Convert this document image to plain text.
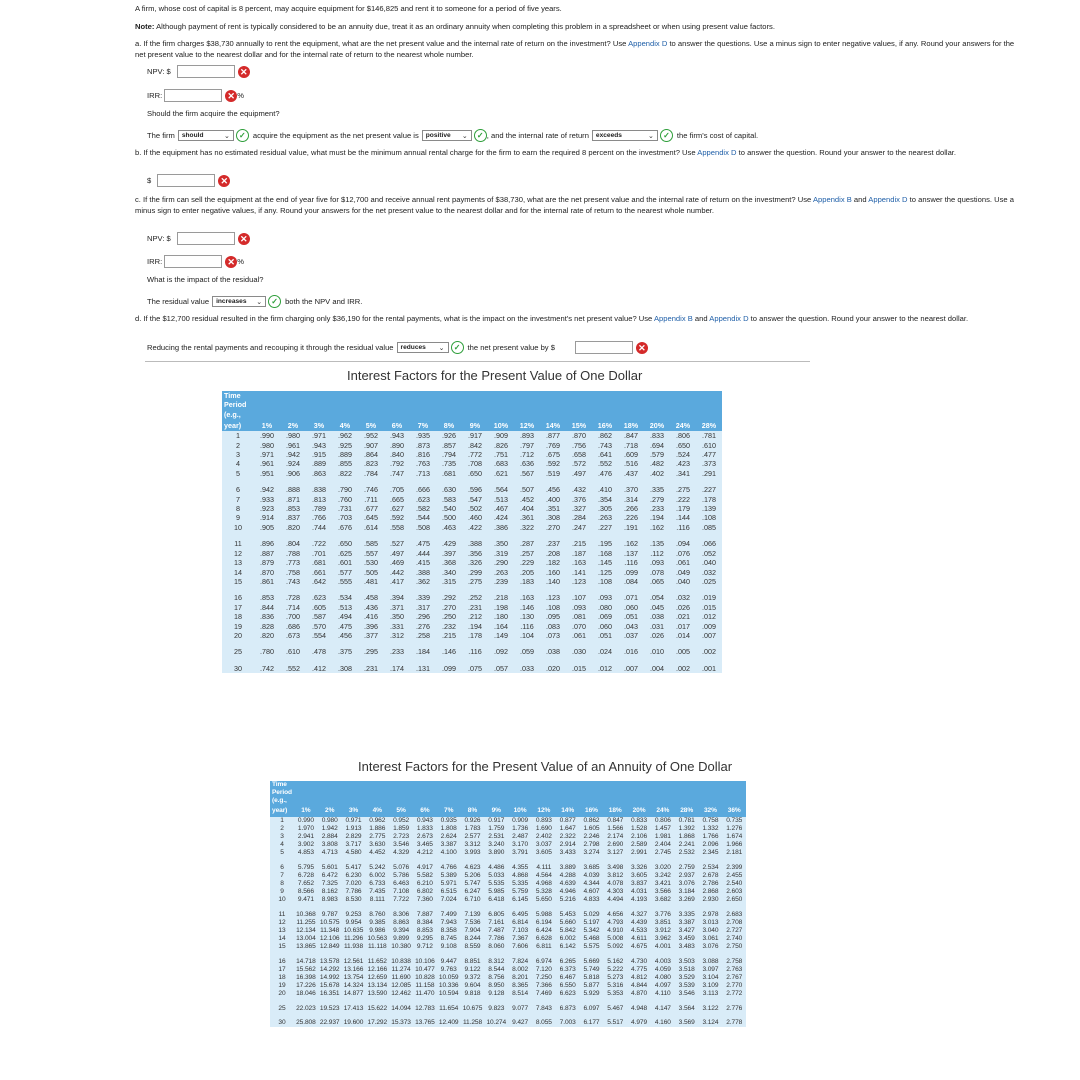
A firm, whose cost of capital is 8 percent, may acquire equipment for $146,825 and rent it to someone for a period of five years.
Note: Although payment of rent is typically considered to be an annuity due, treat it as an ordinary annuity when completing this problem in a spreadsheet or when using present value factors.
a. If the firm charges $38,730 annually to rent the equipment, what are the net present value and the internal rate of return on the investment? Use Appendix D to answer the questions. Use a minus sign to enter negative values, if any. Round your answers for the net present value to the nearest dollar and for the internal rate of return to the nearest whole number.
NPV: $	✕
IRR:	✕ %
Should the firm acquire the equipment?
The firm should	⌄	✓ acquire the equipment as the net present value is positive ⌄	✓ , and the internal rate of return exceeds	⌄	✓ the firm's cost of capital.
b. If the equipment has no estimated residual value, what must be the minimum annual rental charge for the firm to earn the required 8 percent on the investment? Use Appendix D to answer the question. Round your answer to the nearest dollar.
$	✕
c. If the firm can sell the equipment at the end of year five for $12,700 and receive annual rent payments of $38,730, what are the net present value and the internal rate of return on the investment? Use Appendix B and Appendix D to answer the questions. Use a minus sign to enter negative values, if any. Round your answers for the net present value to the nearest dollar and for the internal rate of return to the nearest whole number.
NPV: $	✕
IRR:	✕ %
What is the impact of the residual?
The residual value increases ⌄	✓ both the NPV and IRR.
d. If the $12,700 residual resulted in the firm charging only $36,190 for the rental payments, what is the impact on the investment's net present value? Use Appendix B and Appendix D to answer the question. Round your answer to the nearest dollar.
Reducing the rental payments and recouping it through the residual value reduces ⌄	✓ the net present value by $	✕
Interest Factors for the Present Value of One Dollar
Time																		
Period																		
(e.g.,																		
year)	1%	2%	3%	4%	5%	6%	7%	8%	9%	10%	12%	14%	15%	16%	18%	20%	24%	28%
1	.990	.980	.971	.962	.952	.943	.935	.926	.917	.909	.893	.877	.870	.862	.847	.833	.806	.781
2	.980	.961	.943	.925	.907	.890	.873	.857	.842	.826	.797	.769	.756	.743	.718	.694	.650	.610
3	.971	.942	.915	.889	.864	.840	.816	.794	.772	.751	.712	.675	.658	.641	.609	.579	.524	.477
4	.961	.924	.889	.855	.823	.792	.763	.735	.708	.683	.636	.592	.572	.552	.516	.482	.423	.373
5	.951	.906	.863	.822	.784	.747	.713	.681	.650	.621	.567	.519	.497	.476	.437	.402	.341	.291

6	.942	.888	.838	.790	.746	.705	.666	.630	.596	.564	.507	.456	.432	.410	.370	.335	.275	.227
7	.933	.871	.813	.760	.711	.665	.623	.583	.547	.513	.452	.400	.376	.354	.314	.279	.222	.178
8	.923	.853	.789	.731	.677	.627	.582	.540	.502	.467	.404	.351	.327	.305	.266	.233	.179	.139
9	.914	.837	.766	.703	.645	.592	.544	.500	.460	.424	.361	.308	.284	.263	.226	.194	.144	.108
10	.905	.820	.744	.676	.614	.558	.508	.463	.422	.386	.322	.270	.247	.227	.191	.162	.116	.085

11	.896	.804	.722	.650	.585	.527	.475	.429	.388	.350	.287	.237	.215	.195	.162	.135	.094	.066
12	.887	.788	.701	.625	.557	.497	.444	.397	.356	.319	.257	.208	.187	.168	.137	.112	.076	.052
13	.879	.773	.681	.601	.530	.469	.415	.368	.326	.290	.229	.182	.163	.145	.116	.093	.061	.040
14	.870	.758	.661	.577	.505	.442	.388	.340	.299	.263	.205	.160	.141	.125	.099	.078	.049	.032
15	.861	.743	.642	.555	.481	.417	.362	.315	.275	.239	.183	.140	.123	.108	.084	.065	.040	.025

16	.853	.728	.623	.534	.458	.394	.339	.292	.252	.218	.163	.123	.107	.093	.071	.054	.032	.019
17	.844	.714	.605	.513	.436	.371	.317	.270	.231	.198	.146	.108	.093	.080	.060	.045	.026	.015
18	.836	.700	.587	.494	.416	.350	.296	.250	.212	.180	.130	.095	.081	.069	.051	.038	.021	.012
19	.828	.686	.570	.475	.396	.331	.276	.232	.194	.164	.116	.083	.070	.060	.043	.031	.017	.009
20	.820	.673	.554	.456	.377	.312	.258	.215	.178	.149	.104	.073	.061	.051	.037	.026	.014	.007

25	.780	.610	.478	.375	.295	.233	.184	.146	.116	.092	.059	.038	.030	.024	.016	.010	.005	.002

30	.742	.552	.412	.308	.231	.174	.131	.099	.075	.057	.033	.020	.015	.012	.007	.004	.002	.001
Interest Factors for the Present Value of an Annuity of One Dollar
Time																			
Period																			
(e.g.,																			
year)	1%	2%	3%	4%	5%	6%	7%	8%	9%	10%	12%	14%	16%	18%	20%	24%	28%	32%	36%
1	0.990	0.980	0.971	0.962	0.952	0.943	0.935	0.926	0.917	0.909	0.893	0.877	0.862	0.847	0.833	0.806	0.781	0.758	0.735
2	1.970	1.942	1.913	1.886	1.859	1.833	1.808	1.783	1.759	1.736	1.690	1.647	1.605	1.566	1.528	1.457	1.392	1.332	1.276
3	2.941	2.884	2.829	2.775	2.723	2.673	2.624	2.577	2.531	2.487	2.402	2.322	2.246	2.174	2.106	1.981	1.868	1.766	1.674
4	3.902	3.808	3.717	3.630	3.546	3.465	3.387	3.312	3.240	3.170	3.037	2.914	2.798	2.690	2.589	2.404	2.241	2.096	1.966
5	4.853	4.713	4.580	4.452	4.329	4.212	4.100	3.993	3.890	3.791	3.605	3.433	3.274	3.127	2.991	2.745	2.532	2.345	2.181

6	5.795	5.601	5.417	5.242	5.076	4.917	4.766	4.623	4.486	4.355	4.111	3.889	3.685	3.498	3.326	3.020	2.759	2.534	2.399
7	6.728	6.472	6.230	6.002	5.786	5.582	5.389	5.206	5.033	4.868	4.564	4.288	4.039	3.812	3.605	3.242	2.937	2.678	2.455
8	7.652	7.325	7.020	6.733	6.463	6.210	5.971	5.747	5.535	5.335	4.968	4.639	4.344	4.078	3.837	3.421	3.076	2.786	2.540
9	8.566	8.162	7.786	7.435	7.108	6.802	6.515	6.247	5.985	5.759	5.328	4.946	4.607	4.303	4.031	3.566	3.184	2.868	2.603
10	9.471	8.983	8.530	8.111	7.722	7.360	7.024	6.710	6.418	6.145	5.650	5.216	4.833	4.494	4.193	3.682	3.269	2.930	2.650

11	10.368	9.787	9.253	8.760	8.306	7.887	7.499	7.139	6.805	6.495	5.988	5.453	5.029	4.656	4.327	3.776	3.335	2.978	2.683
12	11.255	10.575	9.954	9.385	8.863	8.384	7.943	7.536	7.161	6.814	6.194	5.660	5.197	4.793	4.439	3.851	3.387	3.013	2.708
13	12.134	11.348	10.635	9.986	9.394	8.853	8.358	7.904	7.487	7.103	6.424	5.842	5.342	4.910	4.533	3.912	3.427	3.040	2.727
14	13.004	12.106	11.296	10.563	9.899	9.295	8.745	8.244	7.786	7.367	6.628	6.002	5.468	5.008	4.611	3.962	3.459	3.061	2.740
15	13.865	12.849	11.938	11.118	10.380	9.712	9.108	8.559	8.060	7.606	6.811	6.142	5.575	5.092	4.675	4.001	3.483	3.076	2.750

16	14.718	13.578	12.561	11.652	10.838	10.106	9.447	8.851	8.312	7.824	6.974	6.265	5.669	5.162	4.730	4.003	3.503	3.088	2.758
17	15.562	14.292	13.166	12.166	11.274	10.477	9.763	9.122	8.544	8.002	7.120	6.373	5.749	5.222	4.775	4.059	3.518	3.097	2.763
18	16.398	14.992	13.754	12.659	11.690	10.828	10.059	9.372	8.756	8.201	7.250	6.467	5.818	5.273	4.812	4.080	3.529	3.104	2.767
19	17.226	15.678	14.324	13.134	12.085	11.158	10.336	9.604	8.950	8.365	7.366	6.550	5.877	5.316	4.844	4.097	3.539	3.109	2.770
20	18.046	16.351	14.877	13.590	12.462	11.470	10.594	9.818	9.128	8.514	7.469	6.623	5.929	5.353	4.870	4.110	3.546	3.113	2.772

25	22.023	19.523	17.413	15.622	14.094	12.783	11.654	10.675	9.823	9.077	7.843	6.873	6.097	5.467	4.948	4.147	3.564	3.122	2.776

30	25.808	22.937	19.600	17.292	15.373	13.765	12.409	11.258	10.274	9.427	8.055	7.003	6.177	5.517	4.979	4.160	3.569	3.124	2.778
